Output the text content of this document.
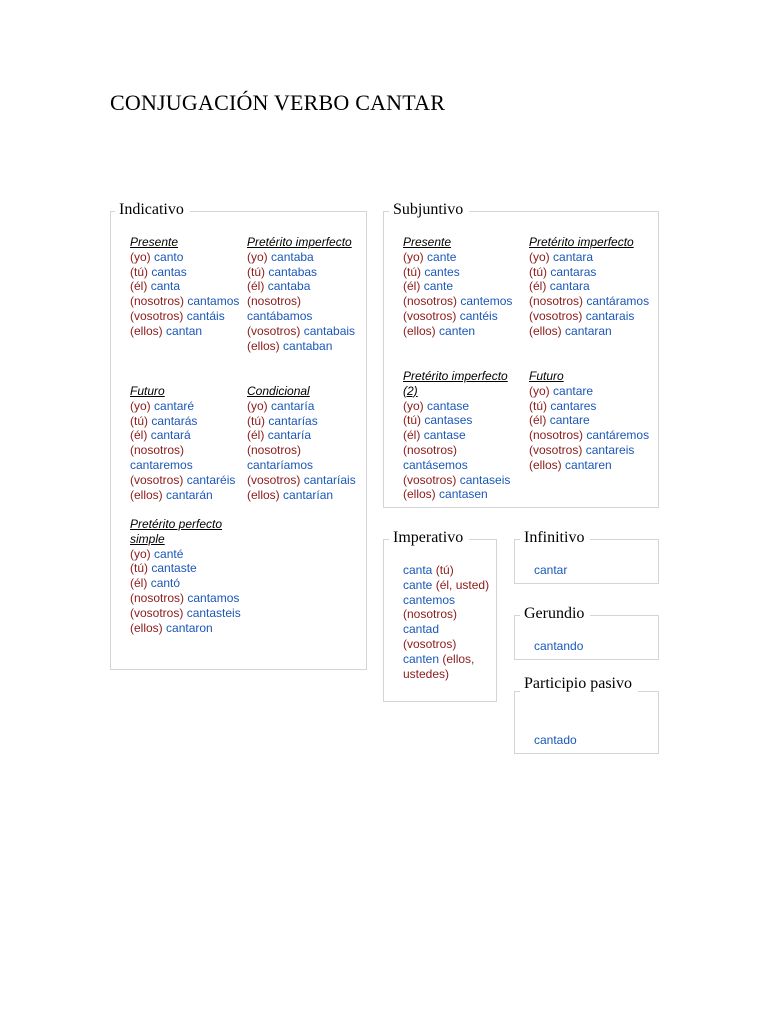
CONJUGACIÓN VERBO CANTAR
Indicativo
Presente
(yo) canto
(tú) cantas
(él) canta
(nosotros) cantamos
(vosotros) cantáis
(ellos) cantan
Pretérito imperfecto
(yo) cantaba
(tú) cantabas
(él) cantaba
(nosotros) cantábamos
(vosotros) cantabais
(ellos) cantaban
Futuro
(yo) cantaré
(tú) cantarás
(él) cantará
(nosotros) cantaremos
(vosotros) cantaréis
(ellos) cantarán
Condicional
(yo) cantaría
(tú) cantarías
(él) cantaría
(nosotros) cantaríamos
(vosotros) cantaríais
(ellos) cantarían
Pretérito perfecto
simple
(yo) canté
(tú) cantaste
(él) cantó
(nosotros) cantamos
(vosotros) cantasteis
(ellos) cantaron
Subjuntivo
Presente
(yo) cante
(tú) cantes
(él) cante
(nosotros) cantemos
(vosotros) cantéis
(ellos) canten
Pretérito imperfecto
(yo) cantara
(tú) cantaras
(él) cantara
(nosotros) cantáramos
(vosotros) cantarais
(ellos) cantaran
Pretérito imperfecto
(2)
(yo) cantase
(tú) cantases
(él) cantase
(nosotros) cantásemos
(vosotros) cantaseis
(ellos) cantasen
Futuro
(yo) cantare
(tú) cantares
(él) cantare
(nosotros) cantáremos
(vosotros) cantareis
(ellos) cantaren
Imperativo
canta (tú)
cante (él, usted)
cantemos (nosotros)
cantad (vosotros)
canten (ellos, ustedes)
Infinitivo
cantar
Gerundio
cantando
Participio pasivo
cantado
